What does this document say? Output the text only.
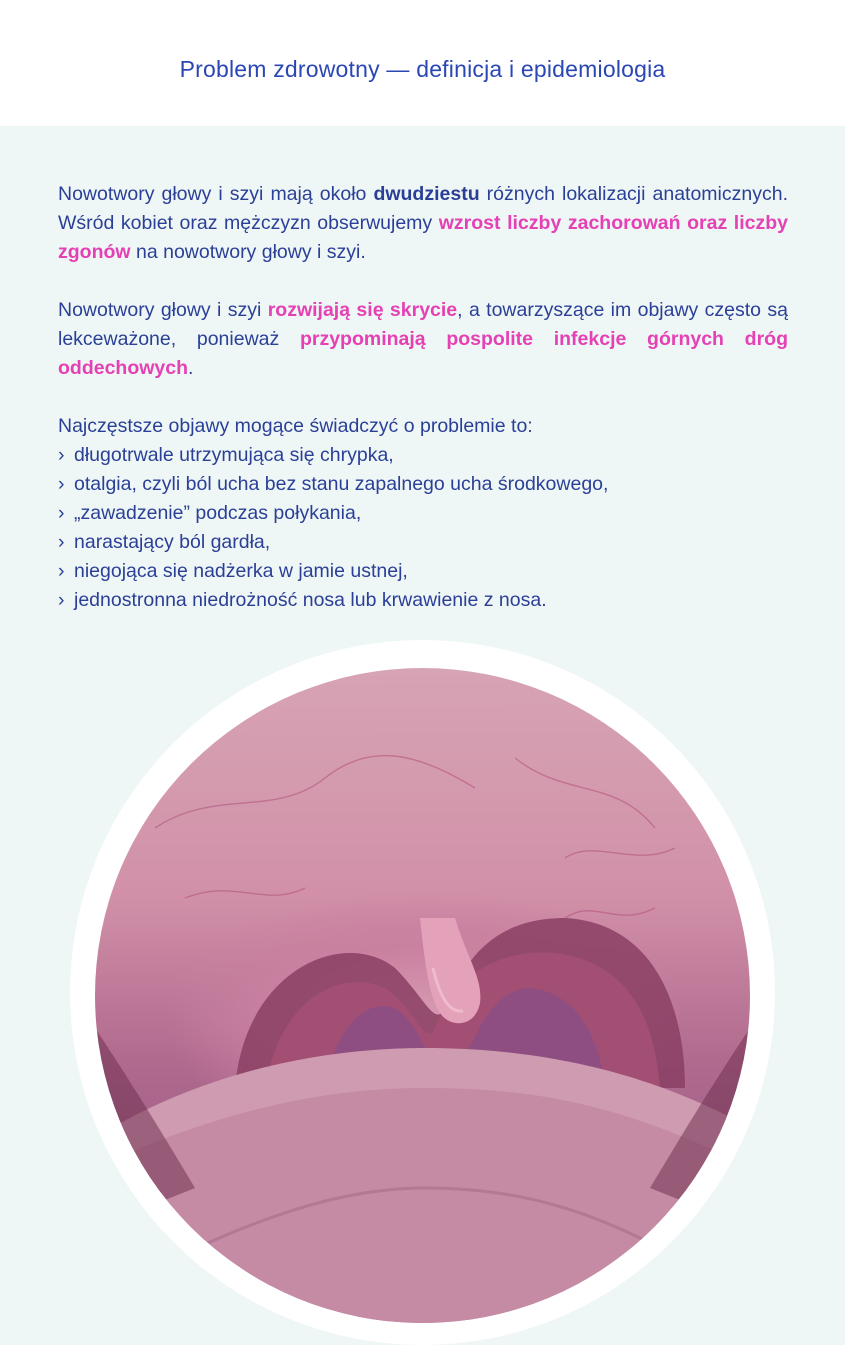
Problem zdrowotny — definicja i epidemiologia

Nowotwory głowy i szyi mają około dwudziestu różnych lokalizacji anatomicznych. Wśród kobiet oraz mężczyzn obserwujemy wzrost liczby zachorowań oraz liczby zgonów na nowotwory głowy i szyi.

Nowotwory głowy i szyi rozwijają się skrycie, a towarzyszące im objawy często są lekceważone, ponieważ przypominają pospolite infekcje górnych dróg oddechowych.

Najczęstsze objawy mogące świadczyć o problemie to:

› długotrwale utrzymująca się chrypka,
› otalgia, czyli ból ucha bez stanu zapalnego ucha środkowego,
› „zawadzenie” podczas połykania,
› narastający ból gardła,
› niegojąca się nadżerka w jamie ustnej,
› jednostronna niedrożność nosa lub krwawienie z nosa.
